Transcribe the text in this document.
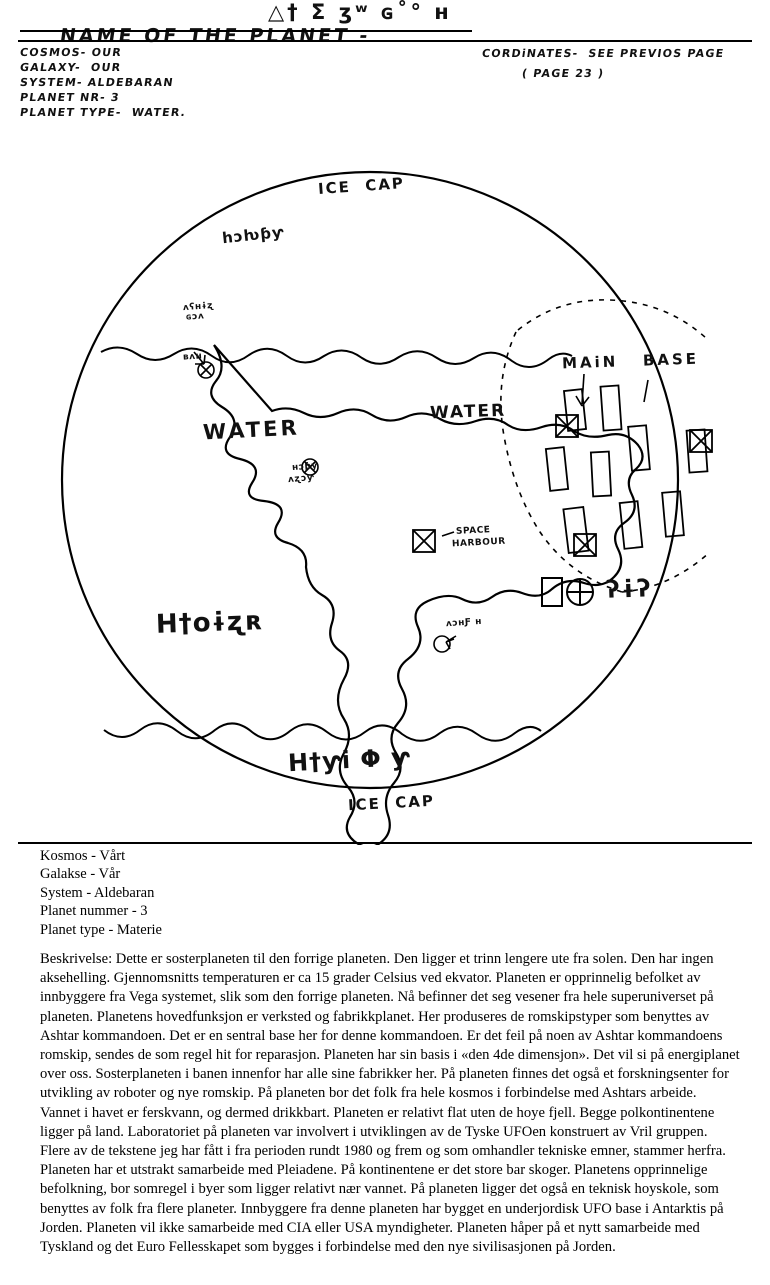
NAME OF THE PLANET -

△† Σ ʒʷ ɢ˚° ʜ
COSMOS- OUR
GALAXY-  OUR
SYSTEM- ALDEBARAN
PLANET NR- 3
PLANET TYPE-  WATER.
CORDiNATES-  SEE PREVIOS PAGE
( PAGE 23 )
ICE  CAP
ICE  CAP
WATER
WATER
MAiN   BASE
SPACE
HARBOUR
hɔƕƥƴ
ʌʕʜɨʐ
ɢɔʌ
ʙʌʜ
ʜɔƥƴ
ʌʐɔƴ
Η†oɨʐʀ
Η†ƴi Φ ƴ
ʔɨʔ
ʌɔʜƑ ʜ
Kosmos - Vårt
Galakse - Vår
System - Aldebaran
Planet nummer - 3
Planet type - Materie

Beskrivelse: Dette er sosterplaneten til den forrige planeten. Den ligger et trinn lengere ute fra solen. Den har ingen aksehelling. Gjennomsnitts temperaturen er ca 15 grader Celsius ved ekvator. Planeten er opprinnelig befolket av innbyggere fra Vega systemet, slik som den forrige planeten. Nå befinner det seg vesener fra hele superuniverset på planeten. Planetens hovedfunksjon er verksted og fabrikkplanet. Her produseres de romskipstyper som benyttes av Ashtar kommandoen. Det er en sentral base her for denne kommandoen. Er det feil på noen av Ashtar kommandoens romskip, sendes de som regel hit for reparasjon. Planeten har sin basis i «den 4de dimensjon». Det vil si på energiplanet over oss. Sosterplaneten i banen innenfor har alle sine fabrikker her. På planeten finnes det også et forskningsenter for utvikling av roboter og nye romskip. På planeten bor det folk fra hele kosmos i forbindelse med Ashtars arbeide. Vannet i havet er ferskvann, og dermed drikkbart. Planeten er relativt flat uten de hoye fjell. Begge polkontinentene ligger på land. Laboratoriet på planeten var involvert i utviklingen av de Tyske UFOen konstruert av Vril gruppen. Flere av de tekstene jeg har fått i fra perioden rundt 1980 og frem og som omhandler tekniske emner, stammer herfra. Planeten har et utstrakt samarbeide med Pleiadene. På kontinentene er det store bar skoger. Planetens opprinnelige befolkning, bor somregel i byer som ligger relativt nær vannet. På planeten ligger det også en teknisk hoyskole, som benyttes av folk fra flere planeter. Innbyggere fra denne planeten har bygget en underjordisk UFO base i Antarktis på Jorden. Planeten vil ikke samarbeide med CIA eller USA myndigheter. Planeten håper på et nytt samarbeide med Tyskland og det Euro Fellesskapet som bygges i forbindelse med den nye sivilisasjonen på Jorden.
